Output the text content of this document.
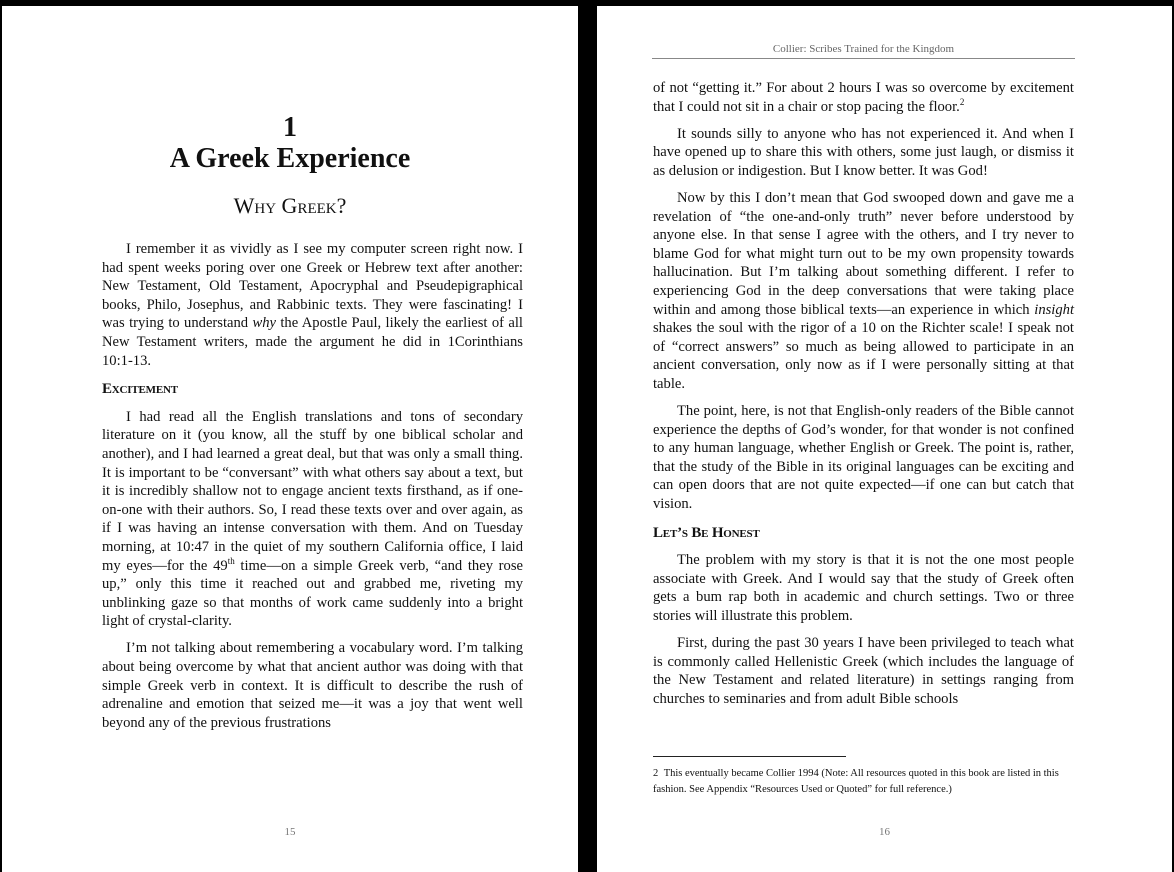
1
A Greek Experience
Why Greek?

I remember it as vividly as I see my computer screen right now. I had spent weeks poring over one Greek or Hebrew text after another: New Testament, Old Testament, Apocryphal and Pseudepigraphical books, Philo, Josephus, and Rabbinic texts. They were fascinating! I was trying to understand why the Apostle Paul, likely the earliest of all New Testament writers, made the argument he did in 1Corinthians 10:1-13.

Excitement

I had read all the English translations and tons of secondary literature on it (you know, all the stuff by one biblical scholar and another), and I had learned a great deal, but that was only a small thing. It is important to be “conversant” with what others say about a text, but it is incredibly shallow not to engage ancient texts firsthand, as if one-on-one with their authors. So, I read these texts over and over again, as if I was having an intense conversation with them. And on Tuesday morning, at 10:47 in the quiet of my southern California office, I laid my eyes—for the 49th time—on a simple Greek verb, “and they rose up,” only this time it reached out and grabbed me, riveting my unblinking gaze so that months of work came suddenly into a bright light of crystal-clarity.

I’m not talking about remembering a vocabulary word. I’m talking about being overcome by what that ancient author was doing with that simple Greek verb in context. It is difficult to describe the rush of adrenaline and emotion that seized me—it was a joy that went well beyond any of the previous frustrations

15
Collier: Scribes Trained for the Kingdom

of not “getting it.” For about 2 hours I was so overcome by excitement that I could not sit in a chair or stop pacing the floor.$^2$

It sounds silly to anyone who has not experienced it. And when I have opened up to share this with others, some just laugh, or dismiss it as delusion or indigestion. But I know better. It was God!

Now by this I don’t mean that God swooped down and gave me a revelation of “the one-and-only truth” never before understood by anyone else. In that sense I agree with the others, and I try never to blame God for what might turn out to be my own propensity towards hallucination. But I’m talking about something different. I refer to experiencing God in the deep conversations that were taking place within and among those biblical texts—an experience in which insight shakes the soul with the rigor of a 10 on the Richter scale! I speak not of “correct answers” so much as being allowed to participate in an ancient conversation, only now as if I were personally sitting at that table.

The point, here, is not that English-only readers of the Bible cannot experience the depths of God’s wonder, for that wonder is not confined to any human language, whether English or Greek. The point is, rather, that the study of the Bible in its original languages can be exciting and can open doors that are not quite expected—if one can but catch that vision.

Let’s Be Honest

The problem with my story is that it is not the one most people associate with Greek. And I would say that the study of Greek often gets a bum rap both in academic and church settings. Two or three stories will illustrate this problem.

First, during the past 30 years I have been privileged to teach what is commonly called Hellenistic Greek (which includes the language of the New Testament and related literature) in settings ranging from churches to seminaries and from adult Bible schools

2 This eventually became Collier 1994 (Note: All resources quoted in this book are listed in this fashion. See Appendix “Resources Used or Quoted” for full reference.)
16
